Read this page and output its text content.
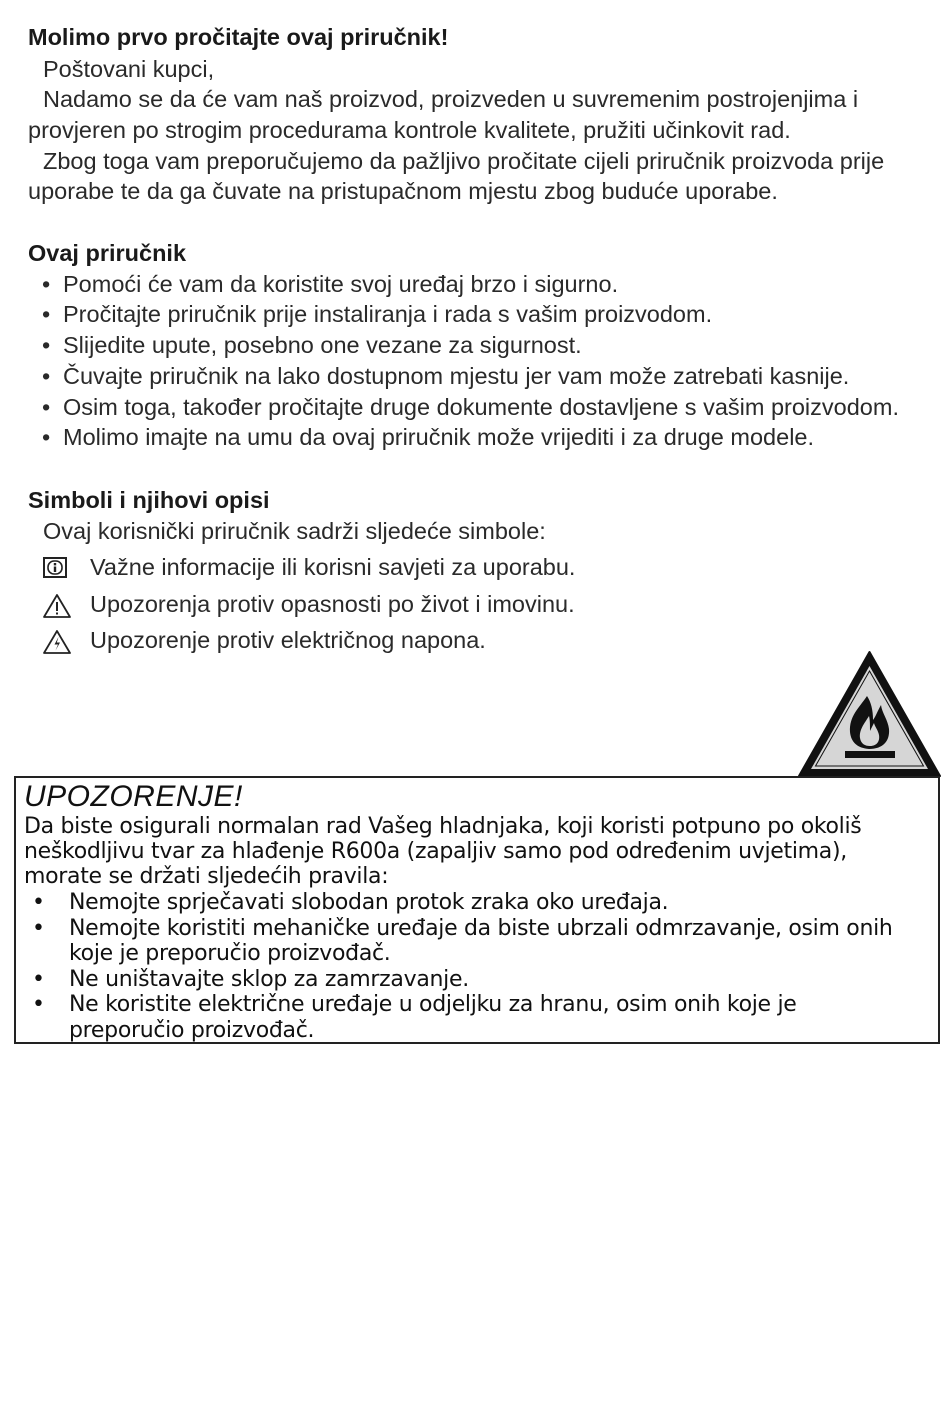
Molimo prvo pročitajte ovaj priručnik!
Poštovani kupci,
Nadamo se da će vam naš proizvod, proizveden u suvremenim postrojenjima i
provjeren po strogim procedurama kontrole kvalitete, pružiti učinkovit rad.
Zbog toga vam preporučujemo da pažljivo pročitate cijeli priručnik proizvoda prije
uporabe te da ga čuvate na pristupačnom mjestu zbog buduće uporabe.
Ovaj priručnik
• Pomoći će vam da koristite svoj uređaj brzo i sigurno.
• Pročitajte priručnik prije instaliranja i rada s vašim proizvodom.
• Slijedite upute, posebno one vezane za sigurnost.
• Čuvajte priručnik na lako dostupnom mjestu jer vam može zatrebati kasnije.
• Osim toga, također pročitajte druge dokumente dostavljene s vašim proizvodom.
• Molimo imajte na umu da ovaj priručnik može vrijediti i za druge modele.
Simboli i njihovi opisi
Ovaj korisnički priručnik sadrži sljedeće simbole:
Važne informacije ili korisni savjeti za uporabu.
Upozorenja protiv opasnosti po život i imovinu.
Upozorenje protiv električnog napona.
UPOZORENJE!
Da biste osigurali normalan rad Vašeg hladnjaka, koji koristi potpuno po okoliš
neškodljivu tvar za hlađenje R600a (zapaljiv samo pod određenim uvjetima),
morate se držati sljedećih pravila:
• Nemojte sprječavati slobodan protok zraka oko uređaja.
• Nemojte koristiti mehaničke uređaje da biste ubrzali odmrzavanje, osim onih
koje je preporučio proizvođač.
• Ne uništavajte sklop za zamrzavanje.
• Ne koristite električne uređaje u odjeljku za hranu, osim onih koje je
preporučio proizvođač.
